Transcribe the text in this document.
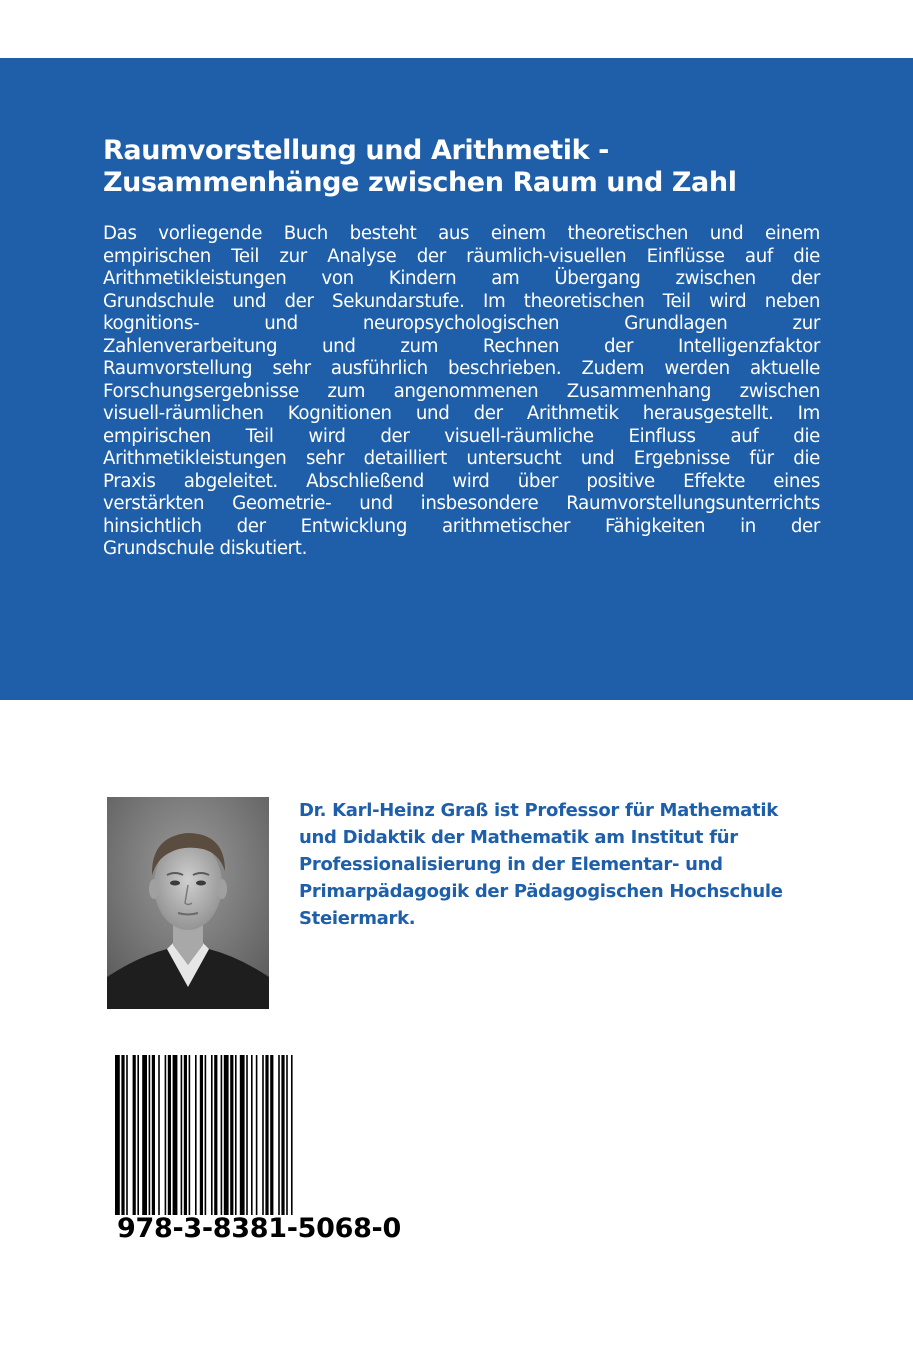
Raumvorstellung und Arithmetik -
Zusammenhänge zwischen Raum und Zahl
Das vorliegende Buch besteht aus einem theoretischen und einem
empirischen Teil zur Analyse der räumlich-visuellen Einflüsse auf die
Arithmetikleistungen von Kindern am Übergang zwischen der
Grundschule und der Sekundarstufe. Im theoretischen Teil wird neben
kognitions- und neuropsychologischen Grundlagen zur
Zahlenverarbeitung und zum Rechnen der Intelligenzfaktor
Raumvorstellung sehr ausführlich beschrieben. Zudem werden aktuelle
Forschungsergebnisse zum angenommenen Zusammenhang zwischen
visuell-räumlichen Kognitionen und der Arithmetik herausgestellt. Im
empirischen Teil wird der visuell-räumliche Einfluss auf die
Arithmetikleistungen sehr detailliert untersucht und Ergebnisse für die
Praxis abgeleitet. Abschließend wird über positive Effekte eines
verstärkten Geometrie- und insbesondere Raumvorstellungsunterrichts
hinsichtlich der Entwicklung arithmetischer Fähigkeiten in der
Grundschule diskutiert.
Dr. Karl-Heinz Graß ist Professor für Mathematik
und Didaktik der Mathematik am Institut für
Professionalisierung in der Elementar- und
Primarpädagogik der Pädagogischen Hochschule
Steiermark.
978-3-8381-5068-0
